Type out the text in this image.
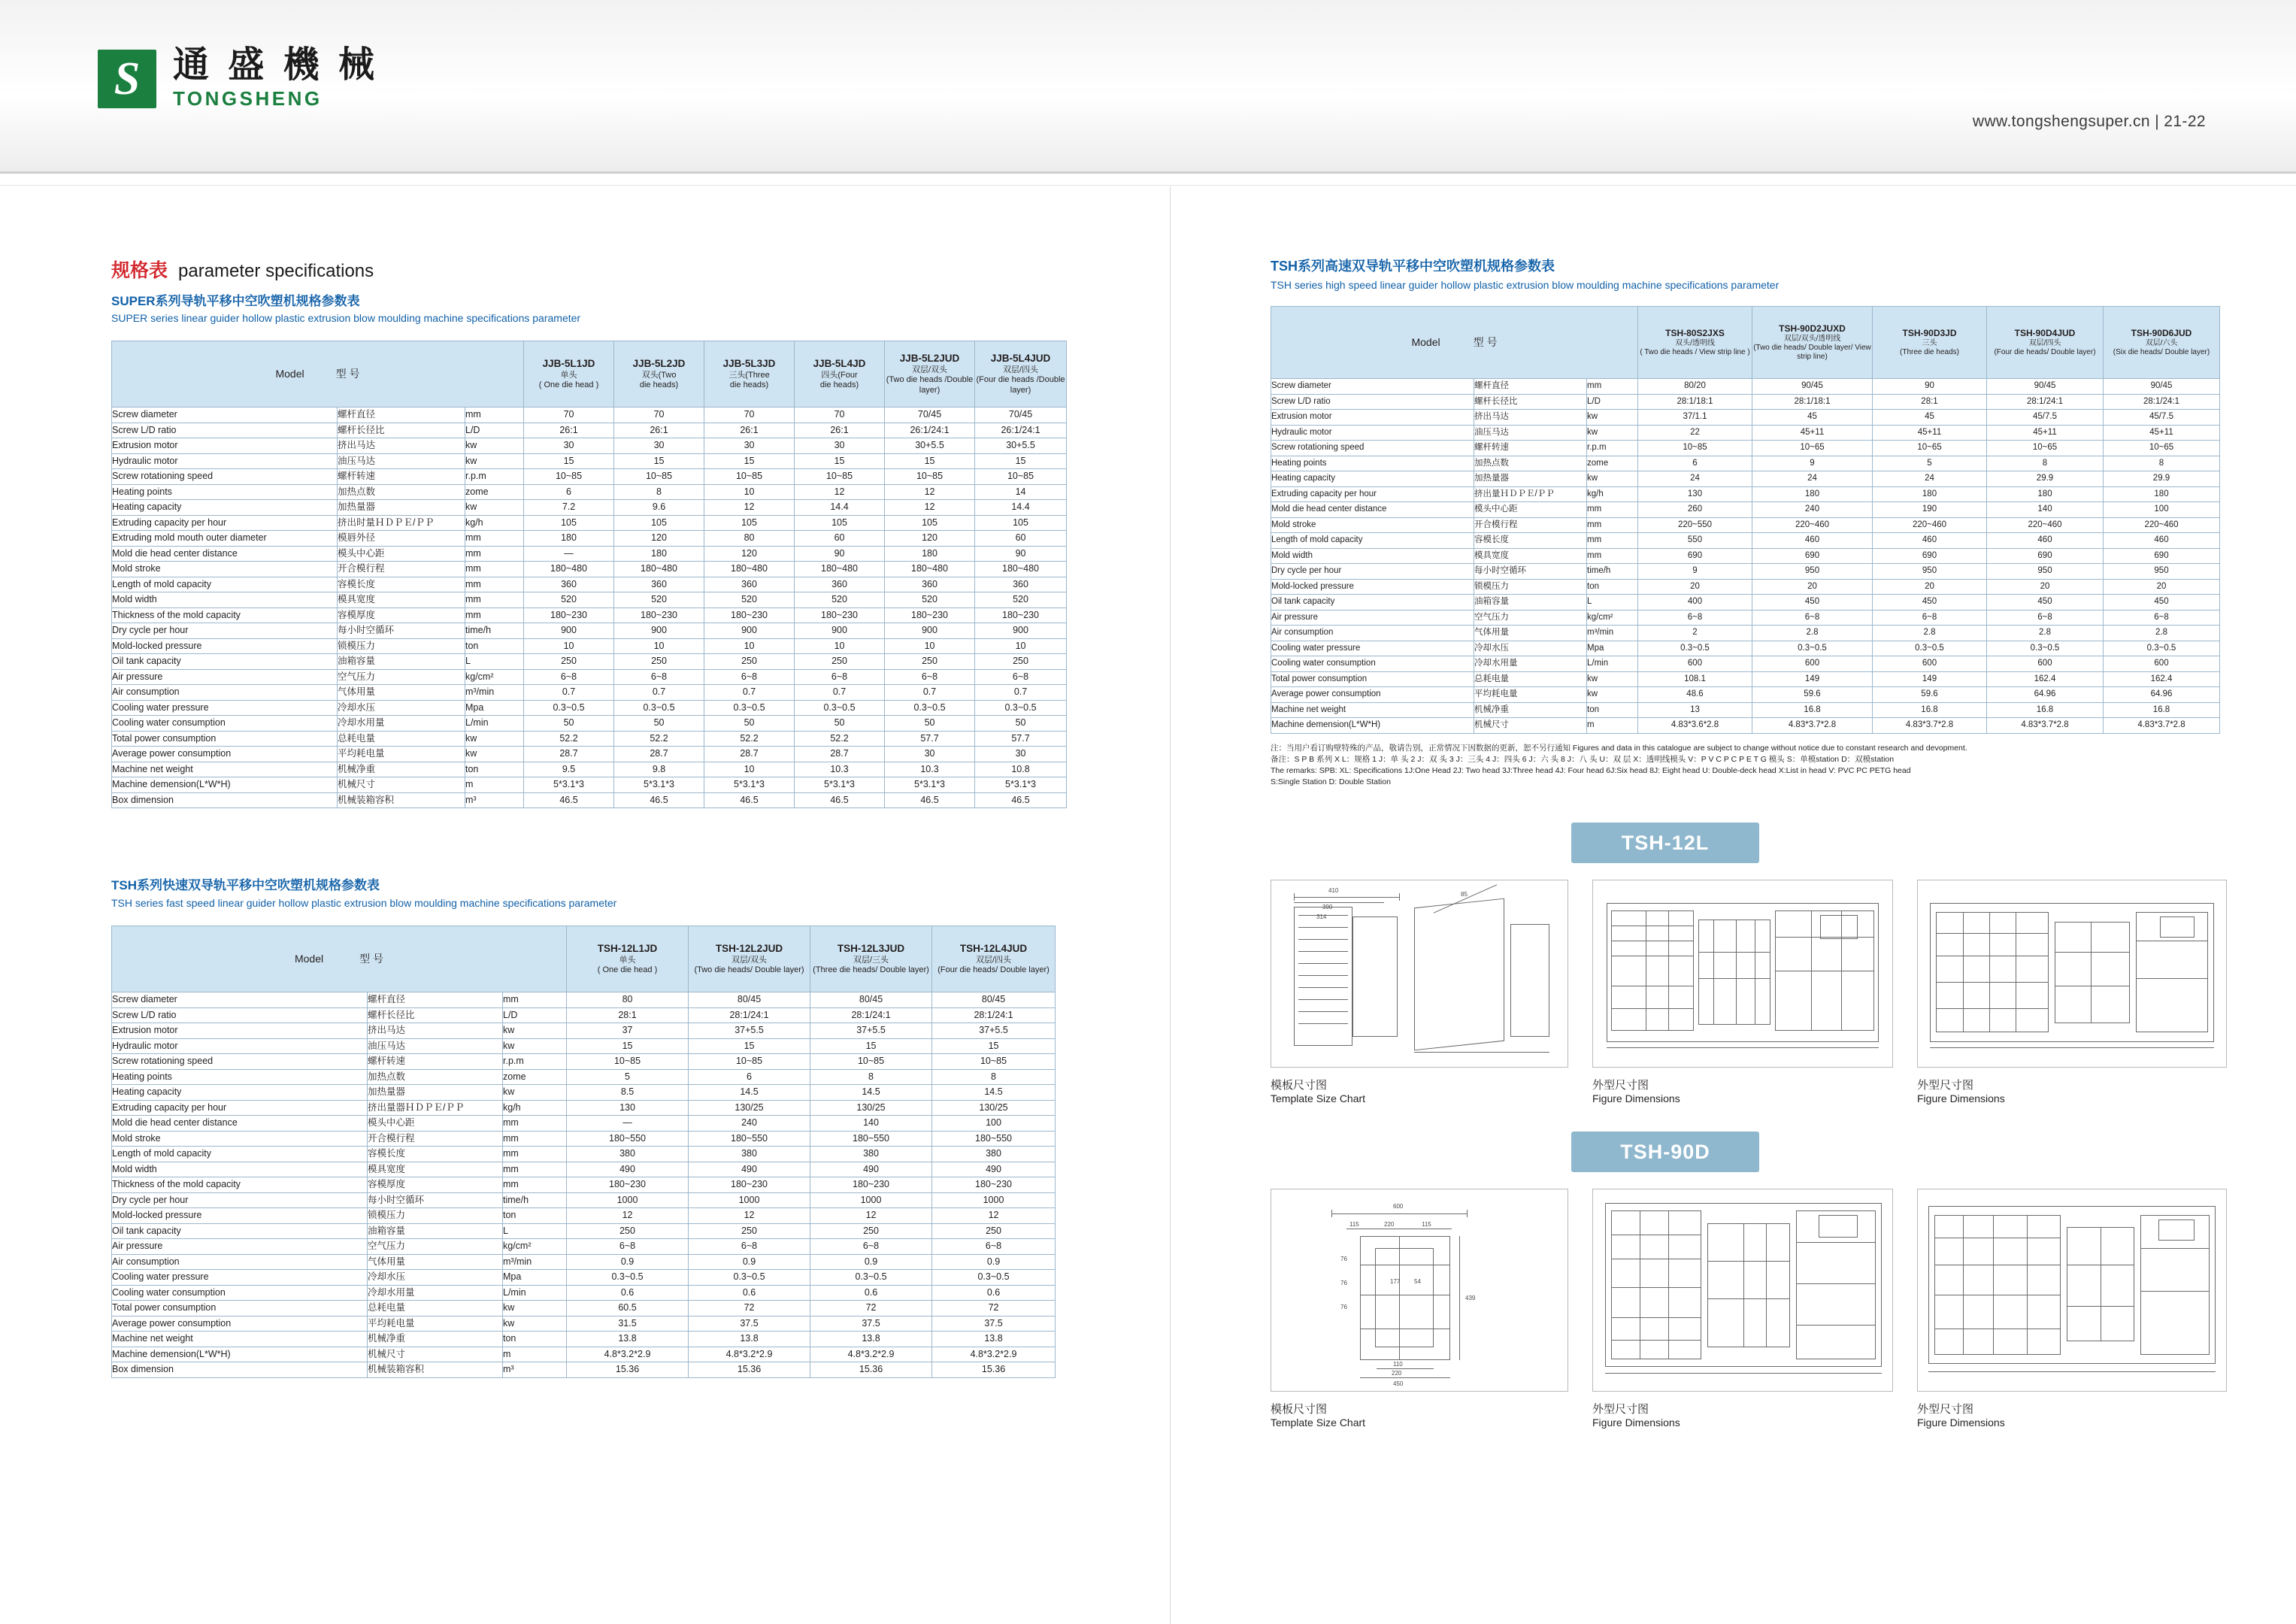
S 通 盛 機 械
TONGSHENG
www.tongshengsuper.cn | 21-22
规格表 parameter specifications
SUPER系列导轨平移中空吹塑机规格参数表
SUPER series linear guider hollow plastic extrusion blow moulding machine specifications parameter
Model	型 号

JJB-5L1JD
单头
( One die head )

JJB-5L2JD
双头(Two
die heads)

JJB-5L3JD
三头(Three
die heads)

JJB-5L4JD
四头(Four
die heads)

JJB-5L2JUD
双层/双头
(Two die heads /Double layer)

JJB-5L4JUD
双层/四头
(Four die heads /Double layer)

Screw diameter	螺杆直径	mm	70	70	70	70	70/45	70/45
Screw L/D ratio	螺杆长径比	L/D	26:1	26:1	26:1	26:1	26:1/24:1	26:1/24:1
Extrusion motor	挤出马达	kw	30	30	30	30	30+5.5	30+5.5
Hydraulic motor	油压马达	kw	15	15	15	15	15	15
Screw rotationing speed	螺杆转速	r.p.m	10~85	10~85	10~85	10~85	10~85	10~85
Heating points	加热点数	zome	6	8	10	12	12	14
Heating capacity	加热量器	kw	7.2	9.6	12	14.4	12	14.4
Extruding capacity per hour	挤出时量ＨＤＰＥ/ＰＰ	kg/h	105	105	105	105	105	105
Extruding mold mouth outer diameter	模唇外径	mm	180	120	80	60	120	60
Mold die head center distance	模头中心距	mm	—	180	120	90	180	90
Mold stroke	开合模行程	mm	180~480	180~480	180~480	180~480	180~480	180~480
Length of mold capacity	容模长度	mm	360	360	360	360	360	360
Mold width	模具宽度	mm	520	520	520	520	520	520
Thickness of the mold capacity	容模厚度	mm	180~230	180~230	180~230	180~230	180~230	180~230
Dry cycle per hour	每小时空循环	time/h	900	900	900	900	900	900
Mold-locked pressure	锁模压力	ton	10	10	10	10	10	10
Oil tank capacity	油箱容量	L	250	250	250	250	250	250
Air pressure	空气压力	kg/cm²	6~8	6~8	6~8	6~8	6~8	6~8
Air consumption	气体用量	m³/min	0.7	0.7	0.7	0.7	0.7	0.7
Cooling water pressure	冷却水压	Mpa	0.3~0.5	0.3~0.5	0.3~0.5	0.3~0.5	0.3~0.5	0.3~0.5
Cooling water consumption	冷却水用量	L/min	50	50	50	50	50	50
Total power consumption	总耗电量	kw	52.2	52.2	52.2	52.2	57.7	57.7
Average power consumption	平均耗电量	kw	28.7	28.7	28.7	28.7	30	30
Machine net weight	机械净重	ton	9.5	9.8	10	10.3	10.3	10.8
Machine demension(L*W*H)	机械尺寸	m	5*3.1*3	5*3.1*3	5*3.1*3	5*3.1*3	5*3.1*3	5*3.1*3
Box dimension	机械装箱容积	m³	46.5	46.5	46.5	46.5	46.5	46.5
TSH系列快速双导轨平移中空吹塑机规格参数表
TSH series fast speed linear guider hollow plastic extrusion blow moulding machine specifications parameter
Model	型 号

TSH-12L1JD
单头
( One die head )

TSH-12L2JUD
双层/双头
(Two die heads/ Double layer)

TSH-12L3JUD
双层/三头
(Three die heads/ Double layer)

TSH-12L4JUD
双层/四头
(Four die heads/ Double layer)

Screw diameter	螺杆直径	mm	80	80/45	80/45	80/45
Screw L/D ratio	螺杆长径比	L/D	28:1	28:1/24:1	28:1/24:1	28:1/24:1
Extrusion motor	挤出马达	kw	37	37+5.5	37+5.5	37+5.5
Hydraulic motor	油压马达	kw	15	15	15	15
Screw rotationing speed	螺杆转速	r.p.m	10~85	10~85	10~85	10~85
Heating points	加热点数	zome	5	6	8	8
Heating capacity	加热量器	kw	8.5	14.5	14.5	14.5
Extruding capacity per hour	挤出量器ＨＤＰＥ/ＰＰ	kg/h	130	130/25	130/25	130/25
Mold die head center distance	模头中心距	mm	—	240	140	100
Mold stroke	开合模行程	mm	180~550	180~550	180~550	180~550
Length of mold capacity	容模长度	mm	380	380	380	380
Mold width	模具宽度	mm	490	490	490	490
Thickness of the mold capacity	容模厚度	mm	180~230	180~230	180~230	180~230
Dry cycle per hour	每小时空循环	time/h	1000	1000	1000	1000
Mold-locked pressure	锁模压力	ton	12	12	12	12
Oil tank capacity	油箱容量	L	250	250	250	250
Air pressure	空气压力	kg/cm²	6~8	6~8	6~8	6~8
Air consumption	气体用量	m³/min	0.9	0.9	0.9	0.9
Cooling water pressure	冷却水压	Mpa	0.3~0.5	0.3~0.5	0.3~0.5	0.3~0.5
Cooling water consumption	冷却水用量	L/min	0.6	0.6	0.6	0.6
Total power consumption	总耗电量	kw	60.5	72	72	72
Average power consumption	平均耗电量	kw	31.5	37.5	37.5	37.5
Machine net weight	机械净重	ton	13.8	13.8	13.8	13.8
Machine demension(L*W*H)	机械尺寸	m	4.8*3.2*2.9	4.8*3.2*2.9	4.8*3.2*2.9	4.8*3.2*2.9
Box dimension	机械装箱容积	m³	15.36	15.36	15.36	15.36
TSH系列高速双导轨平移中空吹塑机规格参数表
TSH series high speed linear guider hollow plastic extrusion blow moulding machine specifications parameter
Model	型 号

TSH-80S2JXS
双头/透明线
( Two die heads / View strip line )

TSH-90D2JUXD
双层/双头/透明线
(Two die heads/ Double layer/ View strip line)

TSH-90D3JD
三头
(Three die heads)

TSH-90D4JUD
双层/四头
(Four die heads/ Double layer)

TSH-90D6JUD
双层/六头
(Six die heads/ Double layer)

Screw diameter	螺杆直径	mm	80/20	90/45	90	90/45	90/45
Screw L/D ratio	螺杆长径比	L/D	28:1/18:1	28:1/18:1	28:1	28:1/24:1	28:1/24:1
Extrusion motor	挤出马达	kw	37/1.1	45	45	45/7.5	45/7.5
Hydraulic motor	油压马达	kw	22	45+11	45+11	45+11	45+11
Screw rotationing speed	螺杆转速	r.p.m	10~85	10~65	10~65	10~65	10~65
Heating points	加热点数	zome	6	9	5	8	8
Heating capacity	加热量器	kw	24	24	24	29.9	29.9
Extruding capacity per hour	挤出量ＨＤＰＥ/ＰＰ	kg/h	130	180	180	180	180
Mold die head center distance	模头中心距	mm	260	240	190	140	100
Mold stroke	开合模行程	mm	220~550	220~460	220~460	220~460	220~460
Length of mold capacity	容模长度	mm	550	460	460	460	460
Mold width	模具宽度	mm	690	690	690	690	690
Dry cycle per hour	每小时空循环	time/h	9	950	950	950	950
Mold-locked pressure	锁模压力	ton	20	20	20	20	20
Oil tank capacity	油箱容量	L	400	450	450	450	450
Air pressure	空气压力	kg/cm²	6~8	6~8	6~8	6~8	6~8
Air consumption	气体用量	m³/min	2	2.8	2.8	2.8	2.8
Cooling water pressure	冷却水压	Mpa	0.3~0.5	0.3~0.5	0.3~0.5	0.3~0.5	0.3~0.5
Cooling water consumption	冷却水用量	L/min	600	600	600	600	600
Total power consumption	总耗电量	kw	108.1	149	149	162.4	162.4
Average power consumption	平均耗电量	kw	48.6	59.6	59.6	64.96	64.96
Machine net weight	机械净重	ton	13	16.8	16.8	16.8	16.8
Machine demension(L*W*H)	机械尺寸	m	4.83*3.6*2.8	4.83*3.7*2.8	4.83*3.7*2.8	4.83*3.7*2.8	4.83*3.7*2.8
注：当用户看订购壁特殊的产品，敬请告别，正常情况下因数据的更新，恕不另行通知 Figures and data in this catalogue are subject to change without notice due to constant research and devopment.
备注：S P B 系列 X L：规格 1 J：单 头 2 J：双 头 3 J：三头 4 J：四头 6 J：六 头 8 J：八 头 U：双 层 X：透明线模头 V：P V C P C P E T G 模头 S：单模station D：双模station
The remarks: SPB: XL: Specifications 1J:One Head 2J: Two head 3J:Three head 4J: Four head 6J:Six head 8J: Eight head U: Double-deck head X:List in head V: PVC PC PETG head
S:Single Station D: Double Station
TSH-12L
410
390
314
85
模板尺寸图
Template Size Chart
外型尺寸图
Figure Dimensions
外型尺寸图
Figure Dimensions
TSH-90D
600
115	220	115
439
76
76
76
177 54
110
220
450
模板尺寸图
Template Size Chart
外型尺寸图
Figure Dimensions
外型尺寸图
Figure Dimensions
